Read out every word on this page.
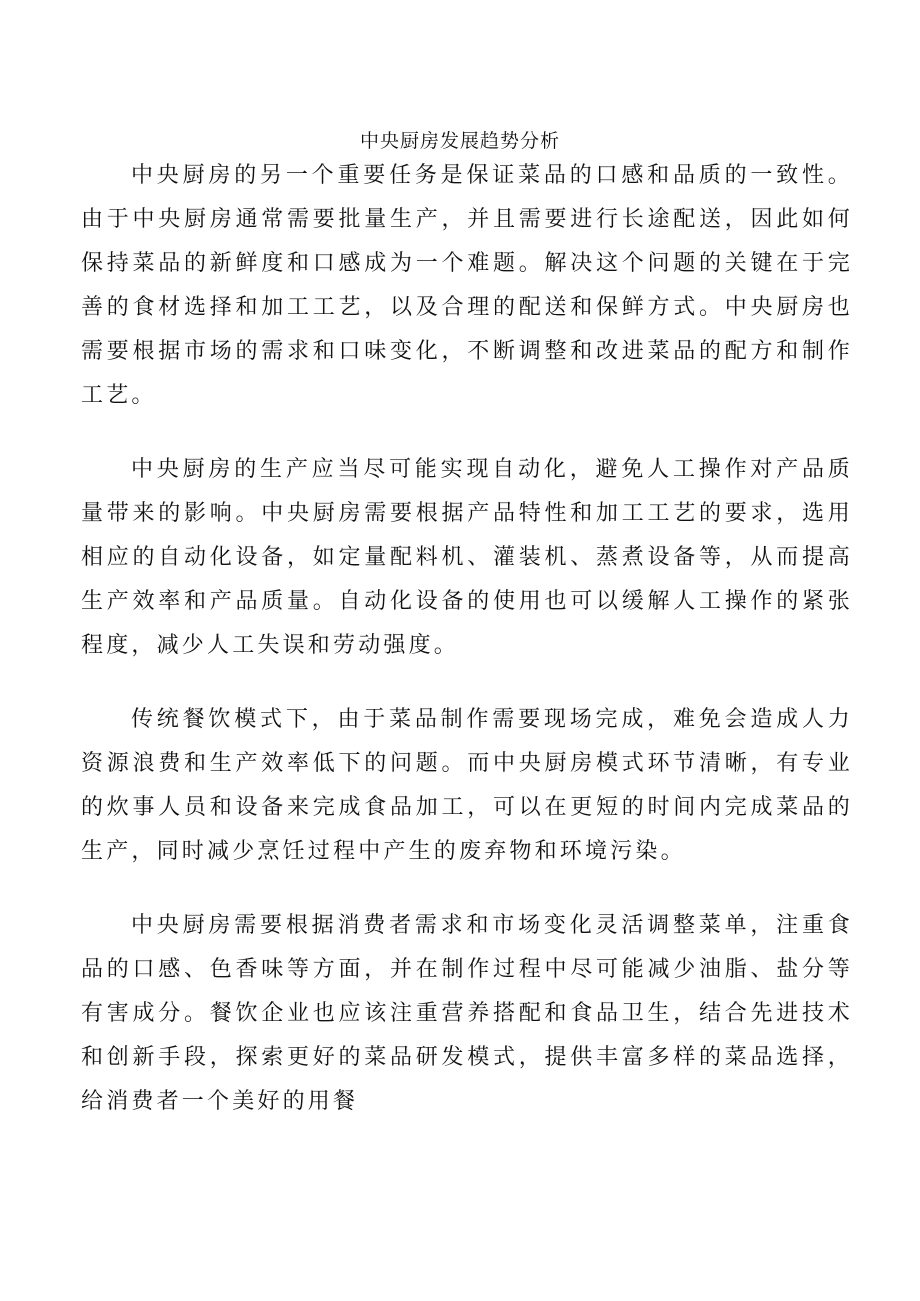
中央厨房发展趋势分析

中央厨房的另一个重要任务是保证菜品的口感和品质的一致性。由于中央厨房通常需要批量生产，并且需要进行长途配送，因此如何保持菜品的新鲜度和口感成为一个难题。解决这个问题的关键在于完善的食材选择和加工工艺，以及合理的配送和保鲜方式。中央厨房也需要根据市场的需求和口味变化，不断调整和改进菜品的配方和制作工艺。

中央厨房的生产应当尽可能实现自动化，避免人工操作对产品质量带来的影响。中央厨房需要根据产品特性和加工工艺的要求，选用相应的自动化设备，如定量配料机、灌装机、蒸煮设备等，从而提高生产效率和产品质量。自动化设备的使用也可以缓解人工操作的紧张程度，减少人工失误和劳动强度。

传统餐饮模式下，由于菜品制作需要现场完成，难免会造成人力资源浪费和生产效率低下的问题。而中央厨房模式环节清晰，有专业的炊事人员和设备来完成食品加工，可以在更短的时间内完成菜品的生产，同时减少烹饪过程中产生的废弃物和环境污染。

中央厨房需要根据消费者需求和市场变化灵活调整菜单，注重食品的口感、色香味等方面，并在制作过程中尽可能减少油脂、盐分等有害成分。餐饮企业也应该注重营养搭配和食品卫生，结合先进技术和创新手段，探索更好的菜品研发模式，提供丰富多样的菜品选择，给消费者一个美好的用餐
